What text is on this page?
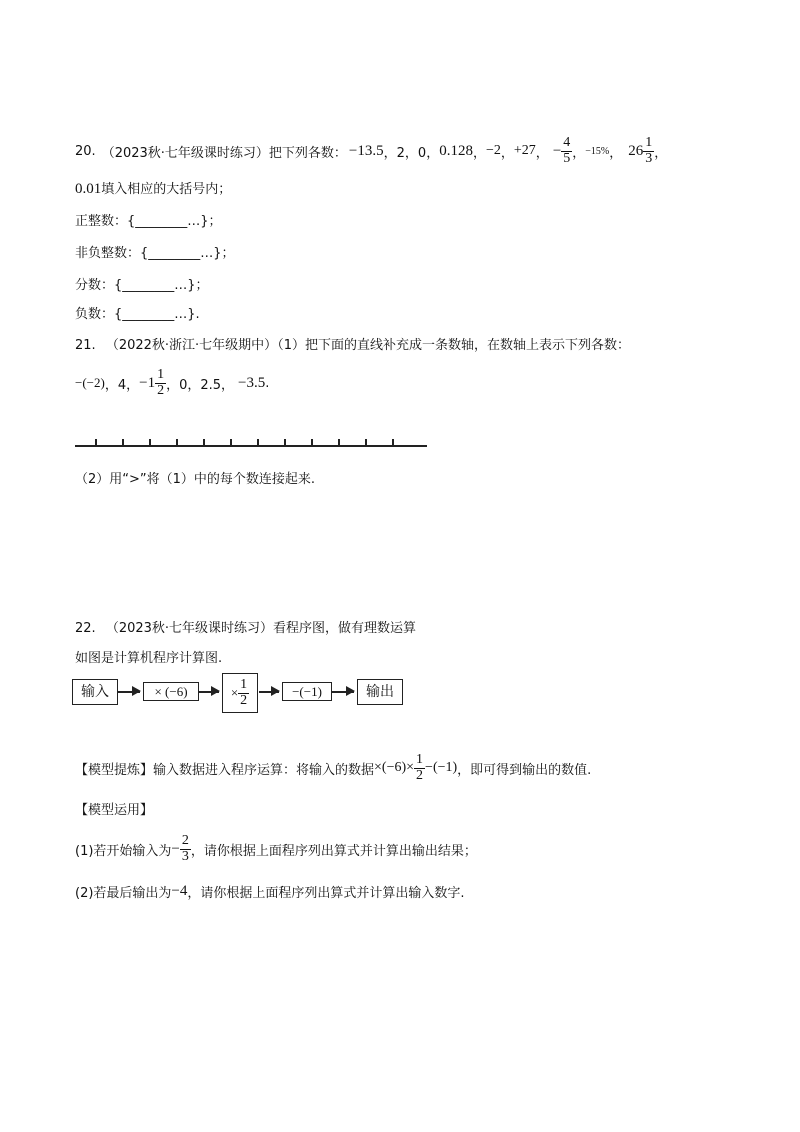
20. （2023秋·七年级课时练习） 把下列各数： −13.5 ， 2，0， 0.128 ， −2 ， +27 ， − $\frac{4}{5}$ ， −15% ， $26 \frac{1}{3}$ ，
0.01填入相应的大括号内；
正整数：{________…}；
非负整数：{________…}；
分数：{________…}；
负数：{________…}.
21. （2022秋·浙江·七年级期中）（1）把下面的直线补充成一条数轴，在数轴上表示下列各数：
−(−2) ，4， $-1 \frac{1}{2}$ ，0，2.5， −3.5 .
（2）用“>”将（1）中的每个数连接起来.
22. （2023秋·七年级课时练习）看程序图，做有理数运算
如图是计算机程序计算图.
输入	× (−6)	× $\frac{1}{2}$	−(−1)	输出
【模型提炼】 输入数据进入程序运算：将输入的数据 $\times(-6)\times \frac{1}{2} -(-1)$ ，即可得到输出的数值.
【模型运用】
(1)若开始输入为 − $\frac{2}{3}$ ，请你根据上面程序列出算式并计算出输出结果；
(2)若最后输出为 −4 ，请你根据上面程序列出算式并计算出输入数字.
